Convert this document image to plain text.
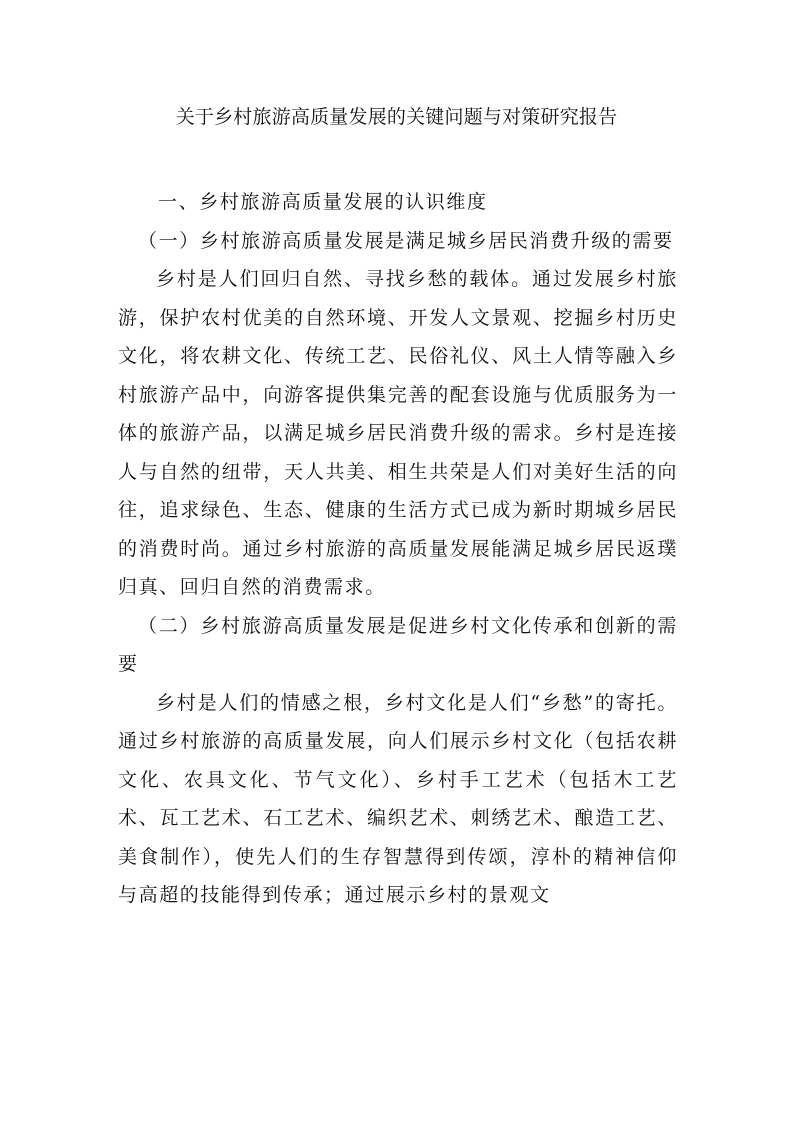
关于乡村旅游高质量发展的关键问题与对策研究报告

一、乡村旅游高质量发展的认识维度

（一）乡村旅游高质量发展是满足城乡居民消费升级的需要

乡村是人们回归自然、寻找乡愁的载体。通过发展乡村旅游，保护农村优美的自然环境、开发人文景观、挖掘乡村历史文化，将农耕文化、传统工艺、民俗礼仪、风土人情等融入乡村旅游产品中，向游客提供集完善的配套设施与优质服务为一体的旅游产品，以满足城乡居民消费升级的需求。乡村是连接人与自然的纽带，天人共美、相生共荣是人们对美好生活的向往，追求绿色、生态、健康的生活方式已成为新时期城乡居民的消费时尚。通过乡村旅游的高质量发展能满足城乡居民返璞归真、回归自然的消费需求。

（二）乡村旅游高质量发展是促进乡村文化传承和创新的需要

乡村是人们的情感之根，乡村文化是人们“乡愁”的寄托。通过乡村旅游的高质量发展，向人们展示乡村文化（包括农耕文化、农具文化、节气文化）、乡村手工艺术（包括木工艺术、瓦工艺术、石工艺术、编织艺术、刺绣艺术、酿造工艺、美食制作），使先人们的生存智慧得到传颂，淳朴的精神信仰与高超的技能得到传承；通过展示乡村的景观文
